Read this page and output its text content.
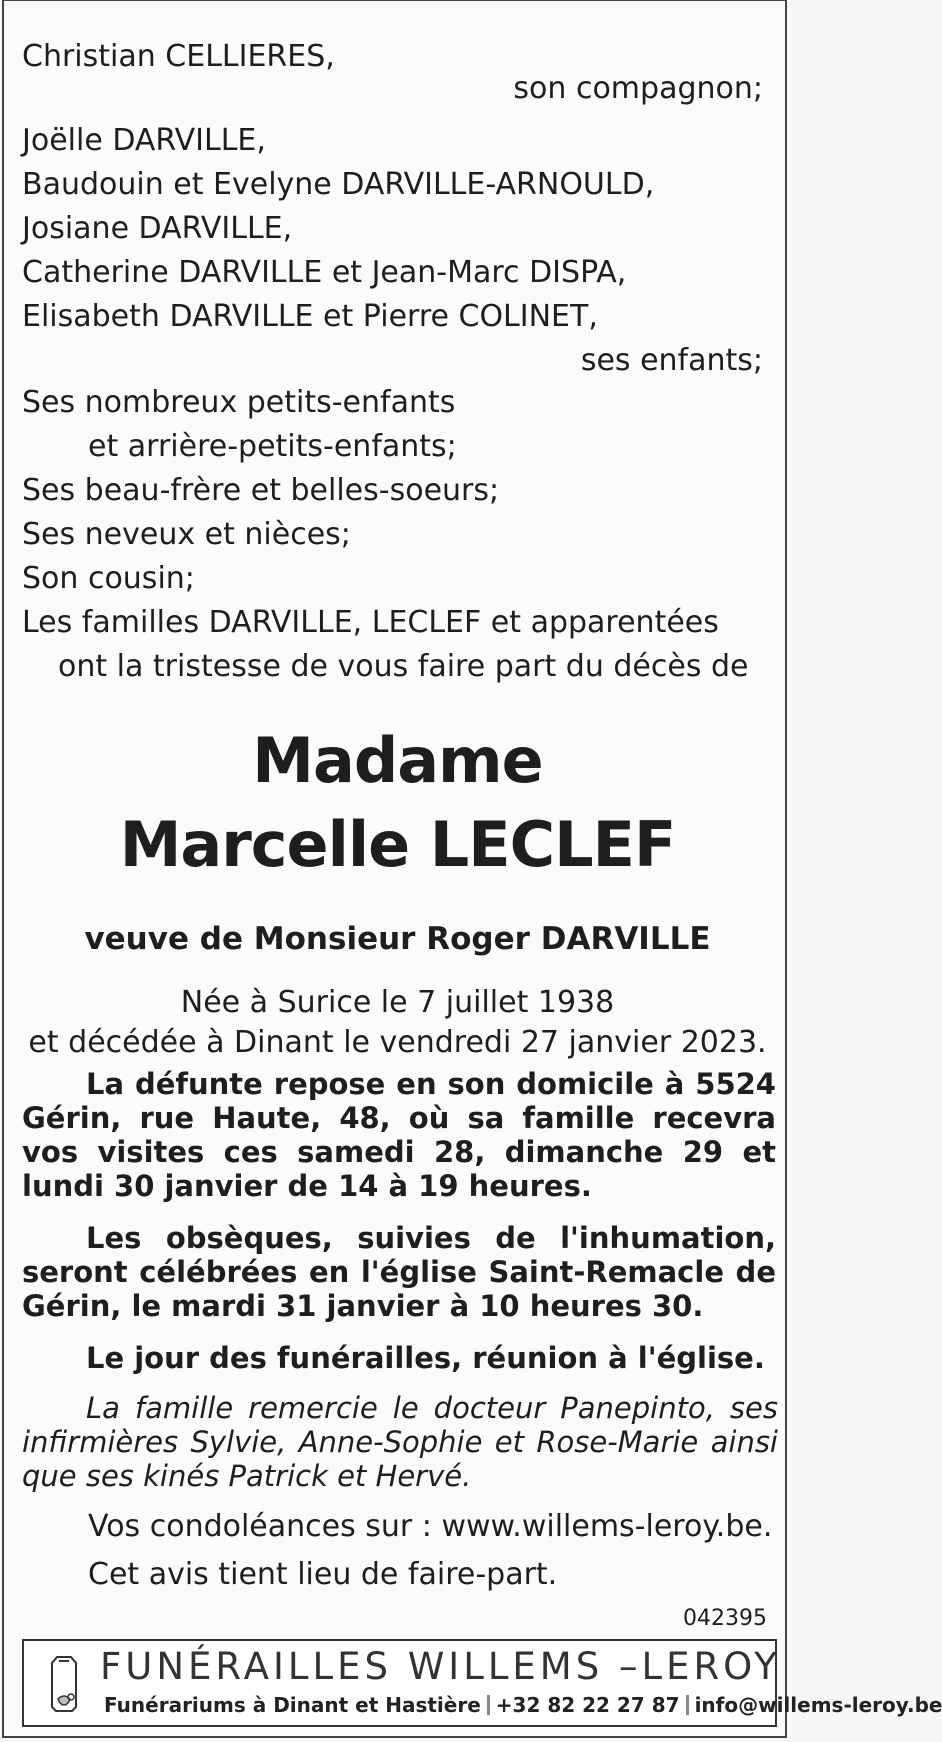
Christian CELLIERES,
son compagnon;
Joëlle DARVILLE,
Baudouin et Evelyne DARVILLE-ARNOULD,
Josiane DARVILLE,
Catherine DARVILLE et Jean-Marc DISPA,
Elisabeth DARVILLE et Pierre COLINET,
ses enfants;
Ses nombreux petits-enfants
et arrière-petits-enfants;
Ses beau-frère et belles-soeurs;
Ses neveux et nièces;
Son cousin;
Les familles DARVILLE, LECLEF et apparentées
ont la tristesse de vous faire part du décès de
Madame
Marcelle LECLEF
veuve de Monsieur Roger DARVILLE
Née à Surice le 7 juillet 1938
et décédée à Dinant le vendredi 27 janvier 2023.
La défunte repose en son domicile à 5524 Gérin, rue Haute, 48, où sa famille recevra vos visites ces samedi 28, dimanche 29 et lundi 30 janvier de 14 à 19 heures.
Les obsèques, suivies de l'inhumation, seront célébrées en l'église Saint-Remacle de Gérin, le mardi 31 janvier à 10 heures 30.
Le jour des funérailles, réunion à l'église.
La famille remercie le docteur Panepinto, ses infirmières Sylvie, Anne-Sophie et Rose-Marie ainsi que ses kinés Patrick et Hervé.
Vos condoléances sur : www.willems-leroy.be.
Cet avis tient lieu de faire-part.
042395
FUNÉRAILLES WILLEMS –LEROY
Funérariums à Dinant et Hastière +32 82 22 27 87 info@willems-leroy.be
